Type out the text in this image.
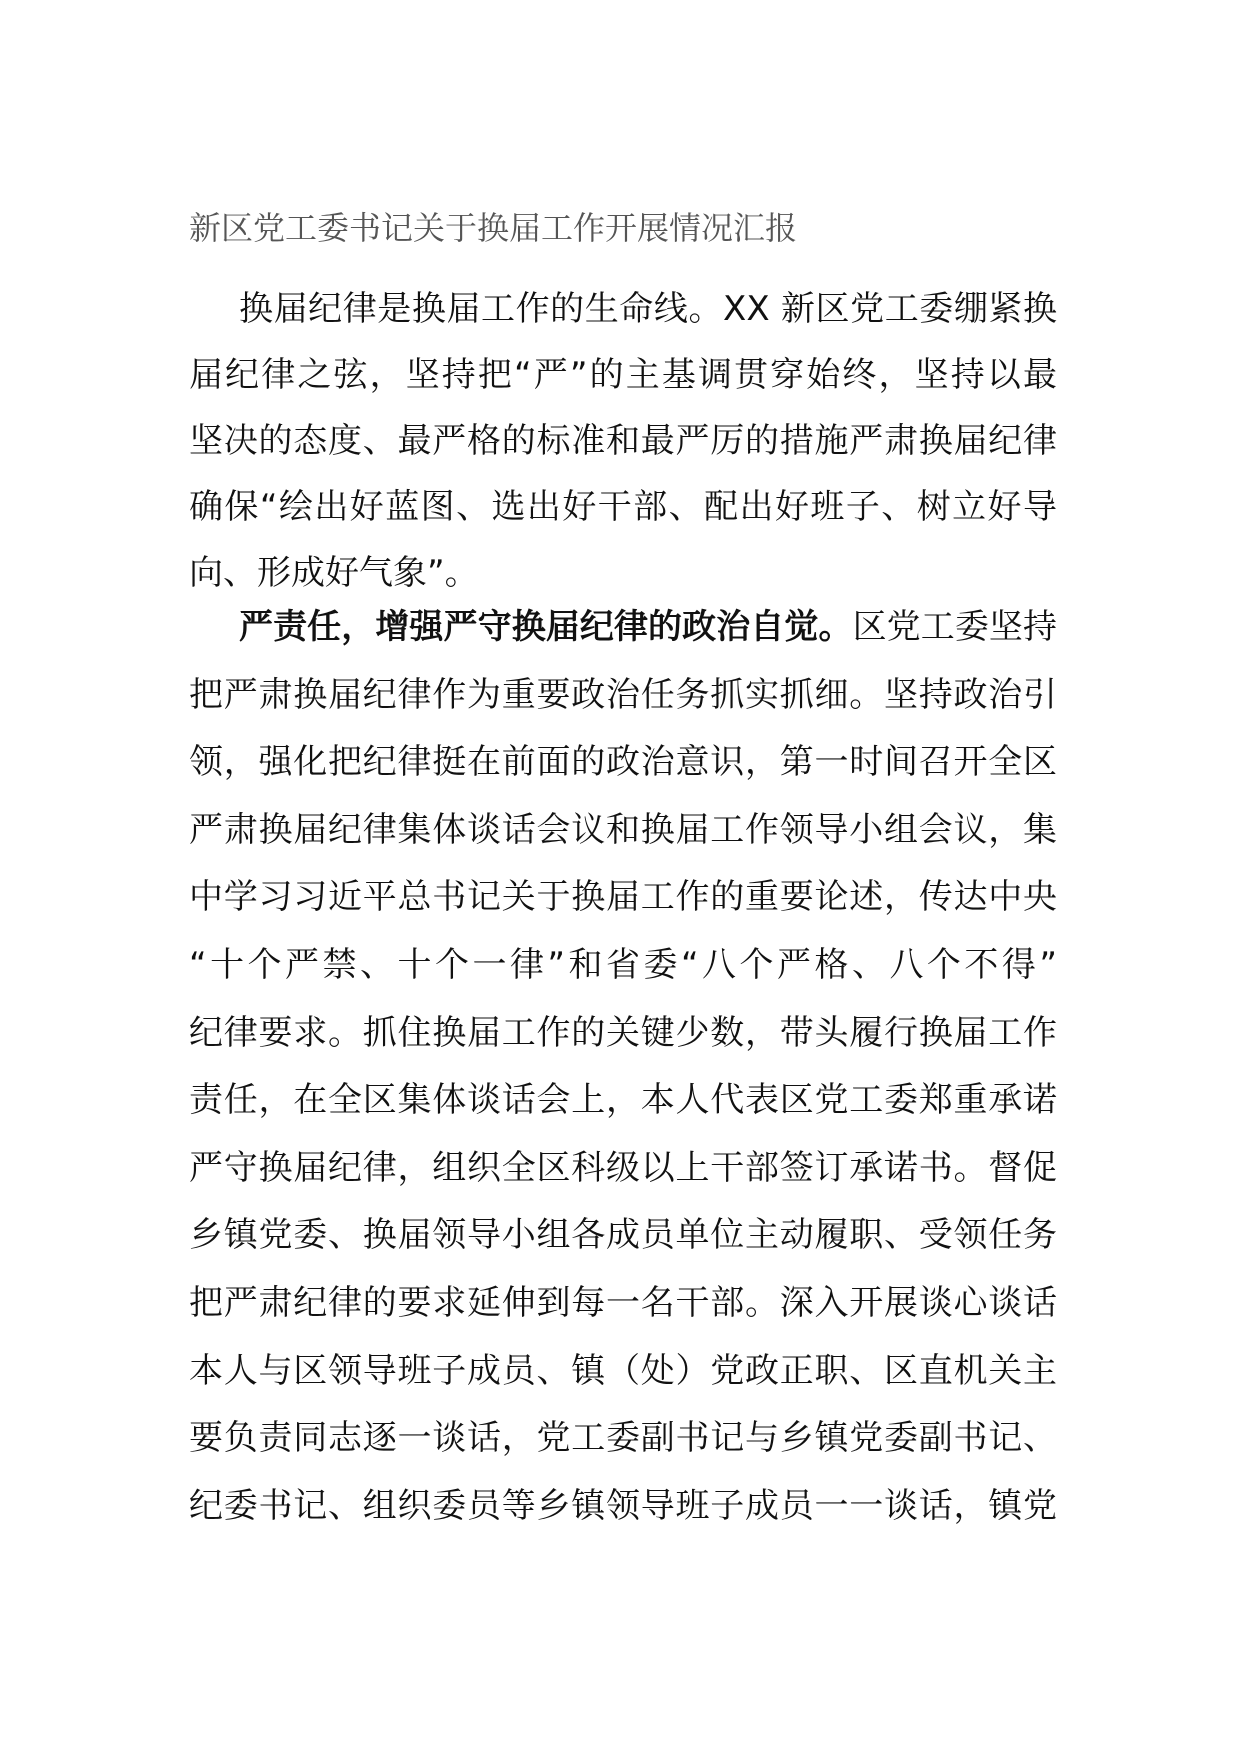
新区党工委书记关于换届工作开展情况汇报
换届纪律是换届工作的生命线。XX 新区党工委绷紧换
届纪律之弦，坚持把“严”的主基调贯穿始终，坚持以最
坚决的态度、最严格的标准和最严厉的措施严肃换届纪律
确保“绘出好蓝图、选出好干部、配出好班子、树立好导
向、形成好气象”。
严责任，增强严守换届纪律的政治自觉。区党工委坚持
把严肃换届纪律作为重要政治任务抓实抓细。坚持政治引
领，强化把纪律挺在前面的政治意识，第一时间召开全区
严肃换届纪律集体谈话会议和换届工作领导小组会议，集
中学习习近平总书记关于换届工作的重要论述，传达中央
“十个严禁、十个一律”和省委“八个严格、八个不得”
纪律要求。抓住换届工作的关键少数，带头履行换届工作
责任，在全区集体谈话会上，本人代表区党工委郑重承诺
严守换届纪律，组织全区科级以上干部签订承诺书。督促
乡镇党委、换届领导小组各成员单位主动履职、受领任务
把严肃纪律的要求延伸到每一名干部。深入开展谈心谈话
本人与区领导班子成员、镇（处）党政正职、区直机关主
要负责同志逐一谈话，党工委副书记与乡镇党委副书记、
纪委书记、组织委员等乡镇领导班子成员一一谈话，镇党
